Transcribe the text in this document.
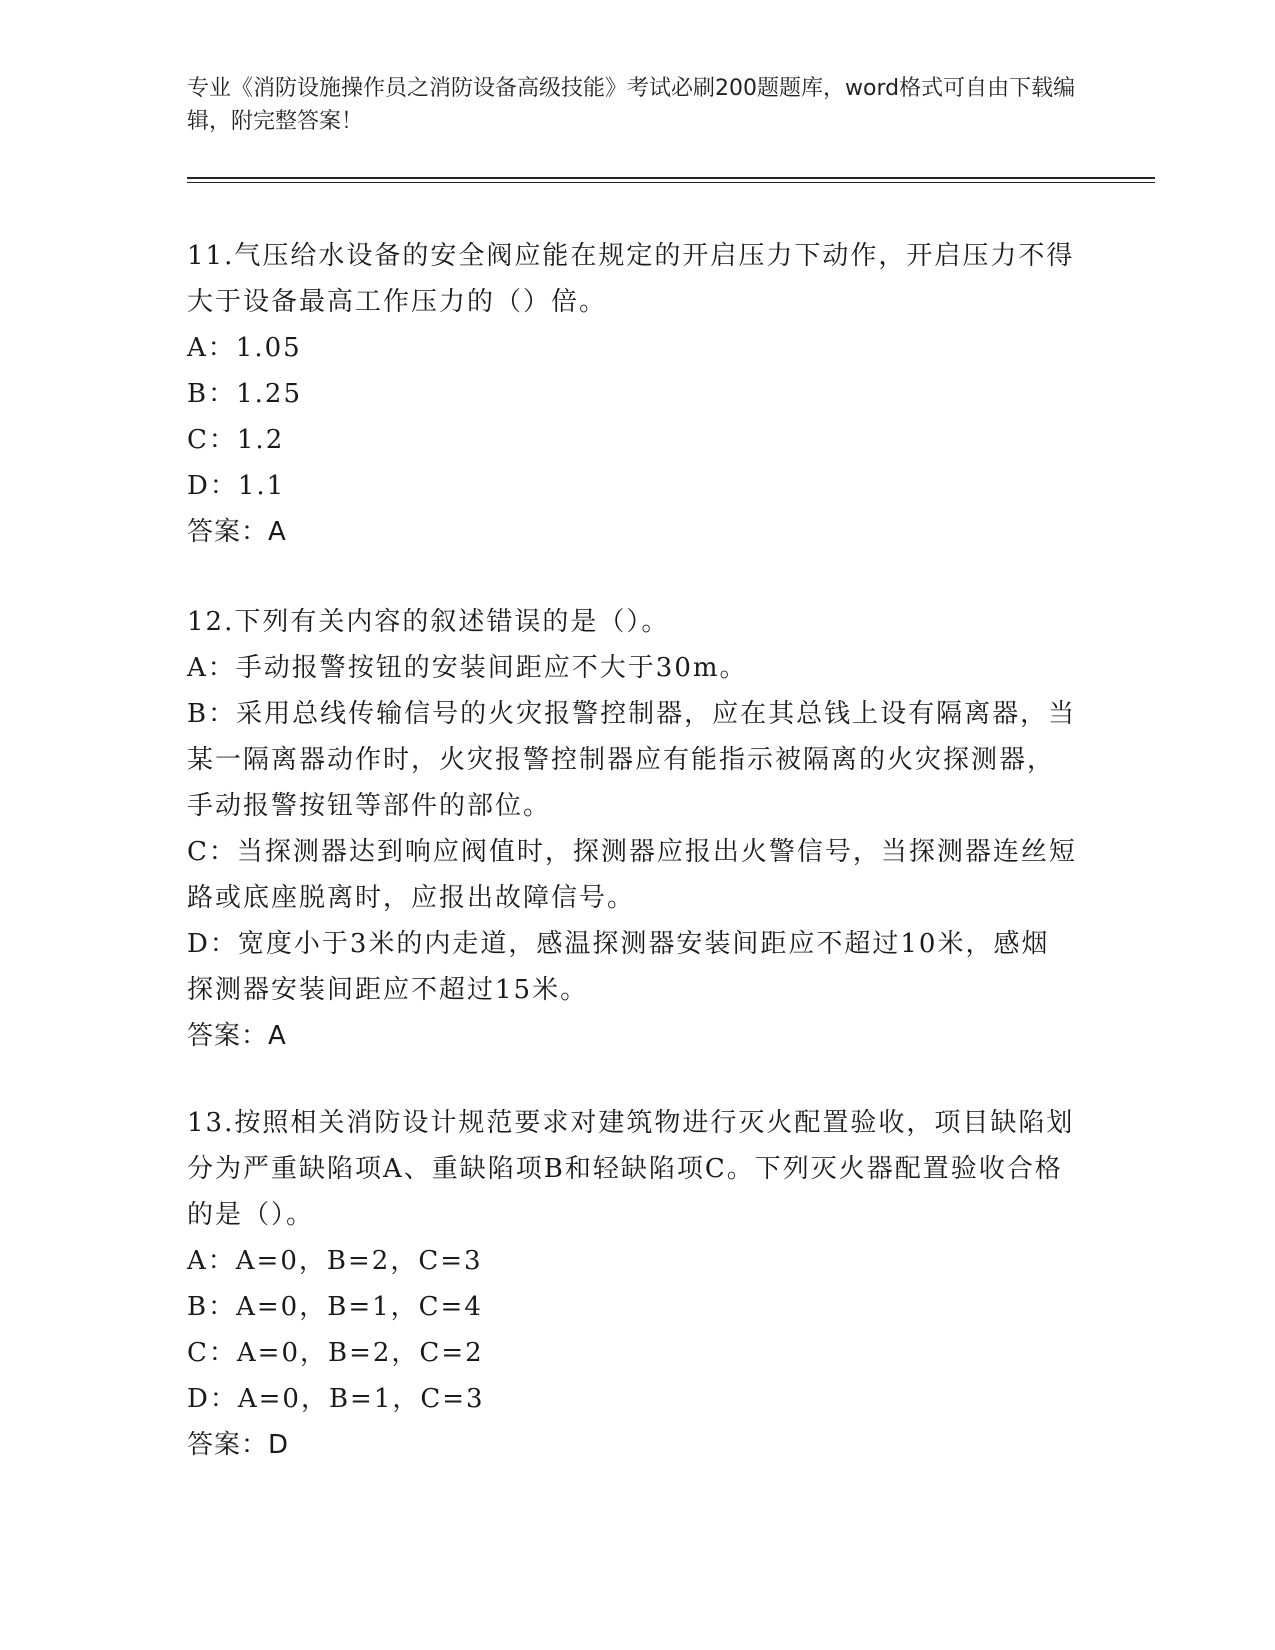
专业《消防设施操作员之消防设备高级技能》考试必刷200题题库，word格式可自由下载编辑，附完整答案！

11.气压给水设备的安全阀应能在规定的开启压力下动作，开启压力不得大于设备最高工作压力的（）倍。

A：1.05

B：1.25

C：1.2

D：1.1

答案：A

12.下列有关内容的叙述错误的是（）。

A：手动报警按钮的安装间距应不大于30m。

B：采用总线传输信号的火灾报警控制器，应在其总钱上设有隔离器，当某一隔离器动作时，火灾报警控制器应有能指示被隔离的火灾探测器，手动报警按钮等部件的部位。

C：当探测器达到响应阀值时，探测器应报出火警信号，当探测器连丝短路或底座脱离时，应报出故障信号。

D：宽度小于3米的内走道，感温探测器安装间距应不超过10米，感烟探测器安装间距应不超过15米。

答案：A

13.按照相关消防设计规范要求对建筑物进行灭火配置验收，项目缺陷划分为严重缺陷项A、重缺陷项B和轻缺陷项C。下列灭火器配置验收合格的是（）。

A：A=0，B=2，C=3

B：A=0，B=1，C=4

C：A=0，B=2，C=2

D：A=0，B=1，C=3

答案：D
